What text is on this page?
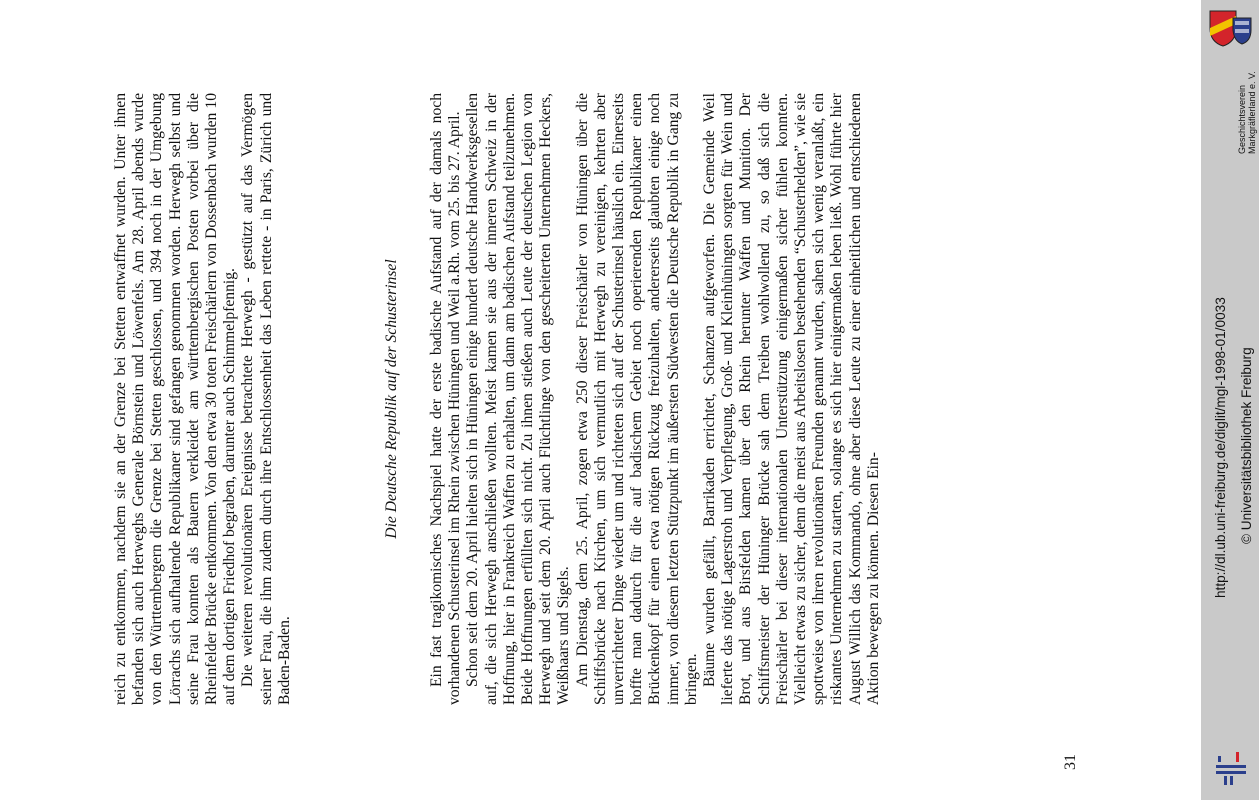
reich zu entkommen, nachdem sie an der Grenze bei Stetten entwaffnet wurden. Unter ihnen befanden sich auch Herweghs Generale Börnstein und Löwenfels. Am 28. April abends wurde von den Württembergern die Grenze bei Stetten geschlossen, und 394 noch in der Umgebung Lörrachs sich aufhaltende Republikaner sind gefangen genommen worden. Herwegh selbst und seine Frau konnten als Bauern verkleidet am württembergischen Posten vorbei über die Rheinfelder Brücke entkommen. Von den etwa 30 toten Freischärlern von Dossenbach wurden 10 auf dem dortigen Friedhof begraben, darunter auch Schimmelpfennig. Die weiteren revolutionären Ereignisse betrachtete Herwegh - gestützt auf das Vermögen seiner Frau, die ihm zudem durch ihre Entschlossenheit das Leben rettete - in Paris, Zürich und Baden-Baden.

Die Deutsche Republik auf der Schusterinsel Ein fast tragikomisches Nachspiel hatte der erste badische Aufstand auf der damals noch vorhandenen Schusterinsel im Rhein zwischen Hüningen und Weil a.Rh. vom 25. bis 27. April. Schon seit dem 20. April hielten sich in Hüningen einige hundert deutsche Handwerksgesellen auf, die sich Herwegh anschließen wollten. Meist kamen sie aus der inneren Schweiz in der Hoffnung, hier in Frankreich Waffen zu erhalten, um dann am badischen Aufstand teilzunehmen. Beide Hoffnungen erfüllten sich nicht. Zu ihnen stießen auch Leute der deutschen Legion von Herwegh und seit dem 20. April auch Flüchtlinge von den gescheiterten Unternehmen Heckers, Weißhaars und Sigels. Am Dienstag, dem 25. April, zogen etwa 250 dieser Freischärler von Hüningen über die Schiffsbrücke nach Kirchen, um sich vermutlich mit Herwegh zu vereinigen, kehrten aber unverrichteter Dinge wieder um und richteten sich auf der Schusterinsel häuslich ein. Einerseits hoffte man dadurch für die auf badischem Gebiet noch operierenden Republikaner einen Brückenkopf für einen etwa nötigen Rückzug freizuhalten, andererseits glaubten einige noch immer, von diesem letzten Stützpunkt im äußersten Südwesten die Deutsche Republik in Gang zu bringen. Bäume wurden gefällt, Barrikaden errichtet, Schanzen aufgeworfen. Die Gemeinde Weil lieferte das nötige Lagerstroh und Verpflegung, Groß- und Kleinhüningen sorgten für Wein und Brot, und aus Birsfelden kamen über den Rhein herunter Waffen und Munition. Der Schiffsmeister der Hüninger Brücke sah dem Treiben wohlwollend zu, so daß sich die Freischärler bei dieser internationalen Unterstützung einigermaßen sicher fühlen konnten. Vielleicht etwas zu sicher, denn die meist aus Arbeitslosen bestehenden “Schusterhelden”, wie sie spottweise von ihren revolutionären Freunden genannt wurden, sahen sich wenig veranlaßt, ein riskantes Unternehmen zu starten, solange es sich hier einigermaßen leben ließ. Wohl führte hier August Willich das Kommando, ohne aber diese Leute zu einer einheitlichen und entschiedenen Aktion bewegen zu können. Diesen Ein-

31
Geschichtsverein Markgräflerland e. V.
http://dl.ub.uni-freiburg.de/diglit/mgl-1998-01/0033 © Universitätsbibliothek Freiburg
